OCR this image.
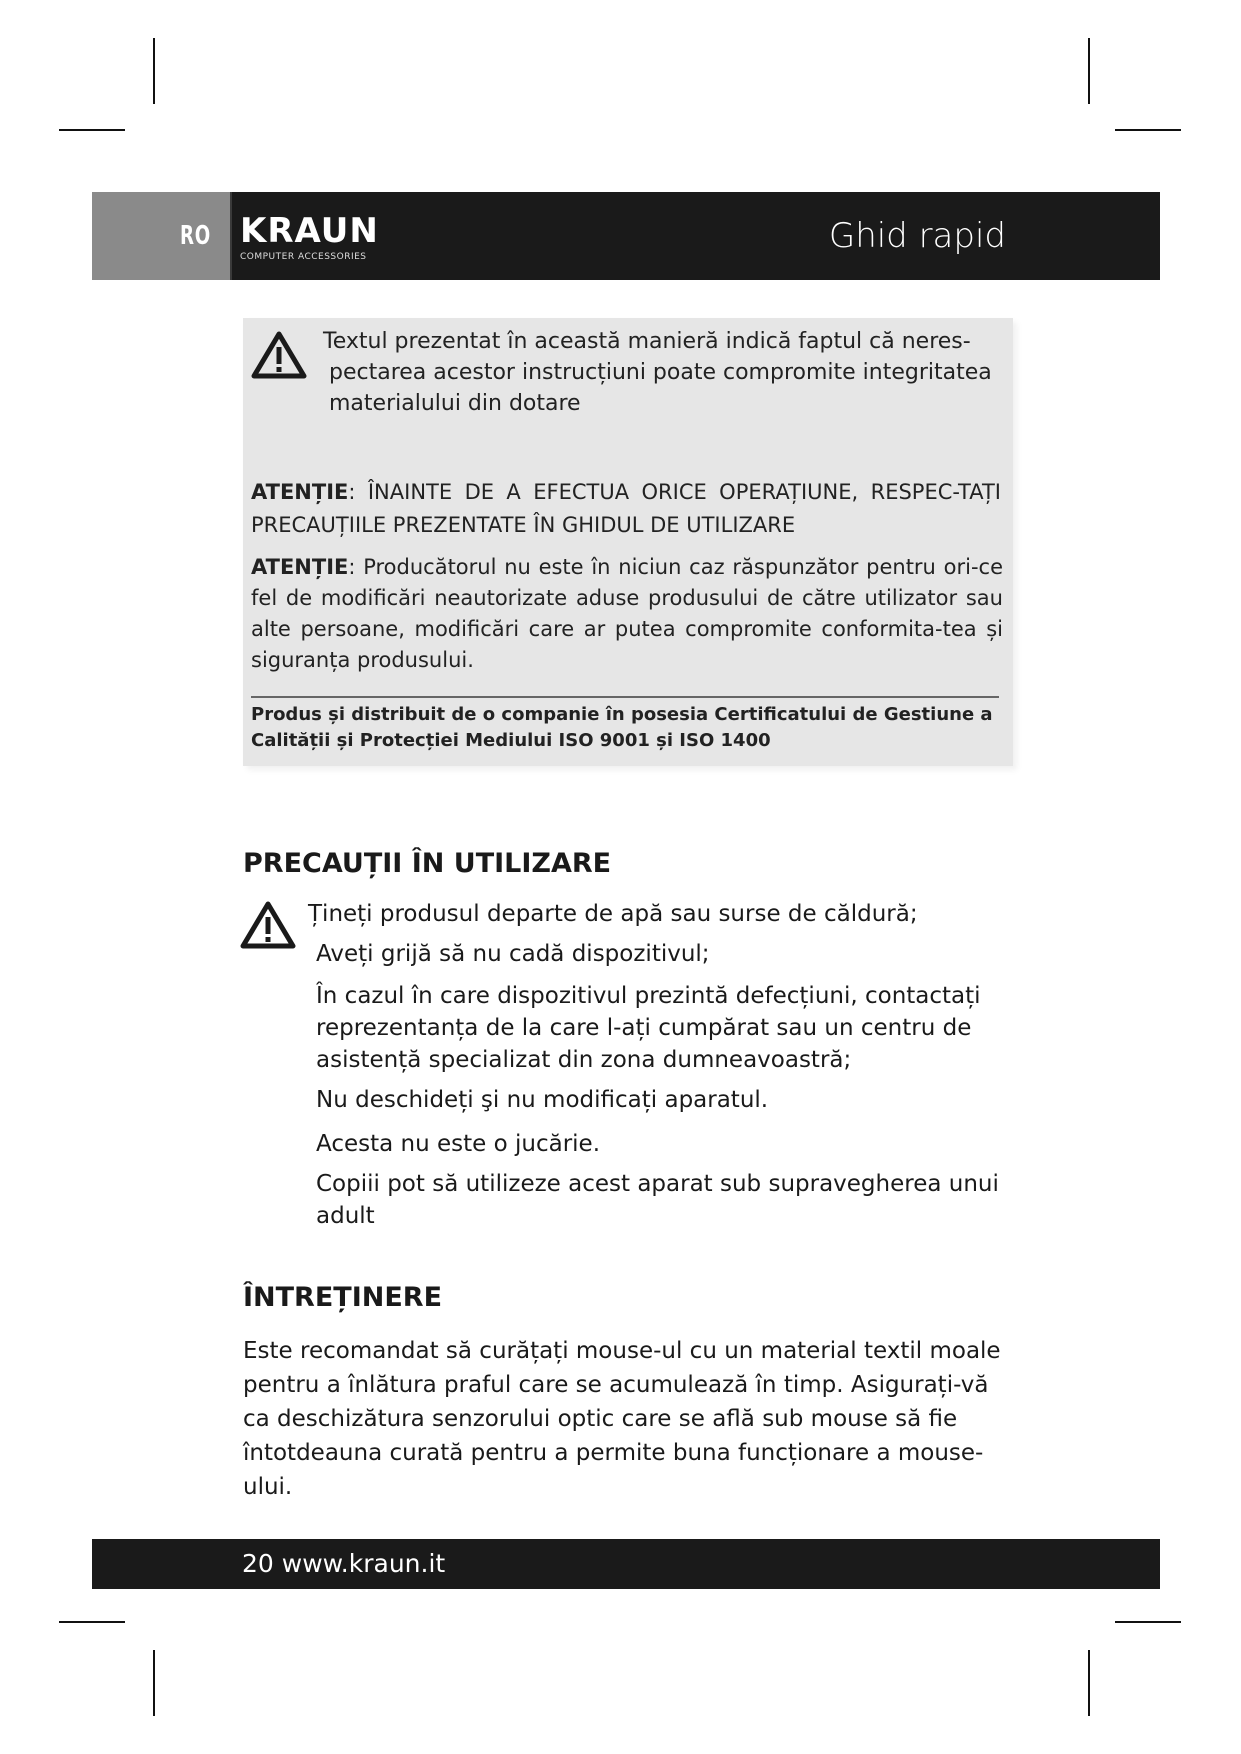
RO KRAUN
COMPUTER ACCESSORIES
Ghid rapid
Textul prezentat în această manieră indică faptul că neres-
pectarea acestor instrucțiuni poate compromite integritatea
materialului din dotare
ATENȚIE: ÎNAINTE DE A EFECTUA ORICE OPERAȚIUNE, RESPEC-TAȚI PRECAUȚIILE PREZENTATE ÎN GHIDUL DE UTILIZARE
ATENȚIE: Producătorul nu este în niciun caz răspunzător pentru ori-ce fel de modificări neautorizate aduse produsului de către utilizator sau alte persoane, modificări care ar putea compromite conformita-tea și siguranța produsului.
Produs și distribuit de o companie în posesia Certificatului de Gestiune a Calității și Protecției Mediului ISO 9001 și ISO 1400
PRECAUȚII ÎN UTILIZARE
Țineți produsul departe de apă sau surse de căldură;
Aveți grijă să nu cadă dispozitivul;
În cazul în care dispozitivul prezintă defecțiuni, contactați reprezentanța de la care l-ați cumpărat sau un centru de asistență specializat din zona dumneavoastră;
Nu deschideți şi nu modificați aparatul.
Acesta nu este o jucărie.
Copiii pot să utilizeze acest aparat sub supravegherea unui adult
ÎNTREȚINERE
Este recomandat să curățați mouse-ul cu un material textil moale pentru a înlătura praful care se acumulează în timp. Asigurați-vă ca deschizătura senzorului optic care se află sub mouse să fie întotdeauna curată pentru a permite buna funcționare a mouse-ului.
20 www.kraun.it
